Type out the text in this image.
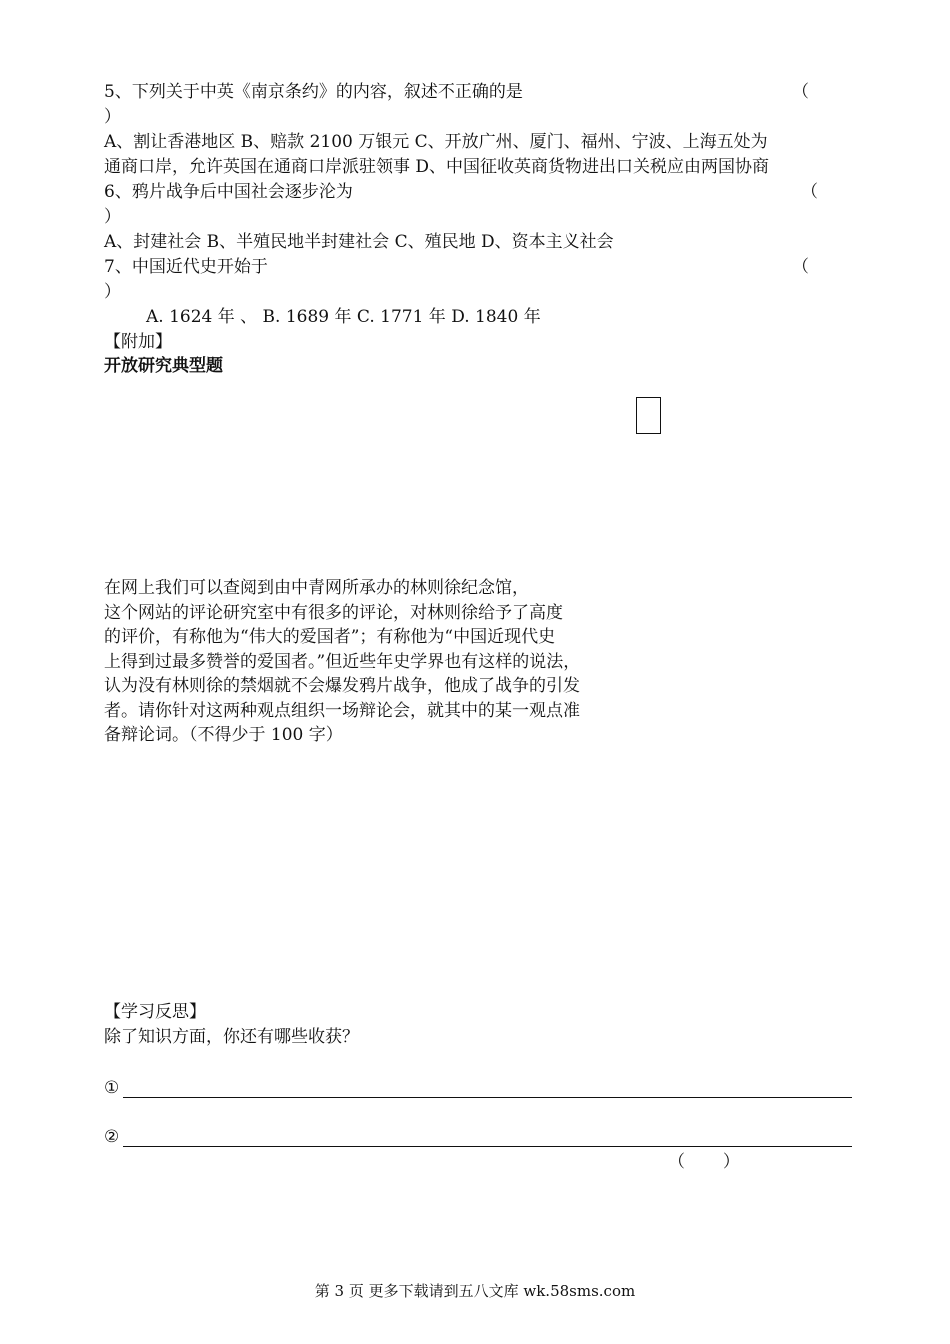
5、下列关于中英《南京条约》的内容，叙述不正确的是	（
）
A、割让香港地区 B、赔款 2100 万银元 C、开放广州、厦门、福州、宁波、上海五处为
通商口岸，允许英国在通商口岸派驻领事 D、中国征收英商货物进出口关税应由两国协商
6、鸦片战争后中国社会逐步沦为	（
）
A、封建社会 B、半殖民地半封建社会 C、殖民地 D、资本主义社会
7、中国近代史开始于	（
）
A. 1624 年 、 B. 1689 年 C. 1771 年 D. 1840 年
【附加】
开放研究典型题
在网上我们可以查阅到由中青网所承办的林则徐纪念馆，
这个网站的评论研究室中有很多的评论，对林则徐给予了高度
的评价，有称他为“伟大的爱国者”；有称他为“中国近现代史
上得到过最多赞誉的爱国者。”但近些年史学界也有这样的说法，
认为没有林则徐的禁烟就不会爆发鸦片战争，他成了战争的引发
者。请你针对这两种观点组织一场辩论会，就其中的某一观点准
备辩论词。（不得少于 100 字）
【学习反思】
除了知识方面，你还有哪些收获？
①
②
（       ）
第 3 页 更多下载请到五八文库 wk.58sms.com
